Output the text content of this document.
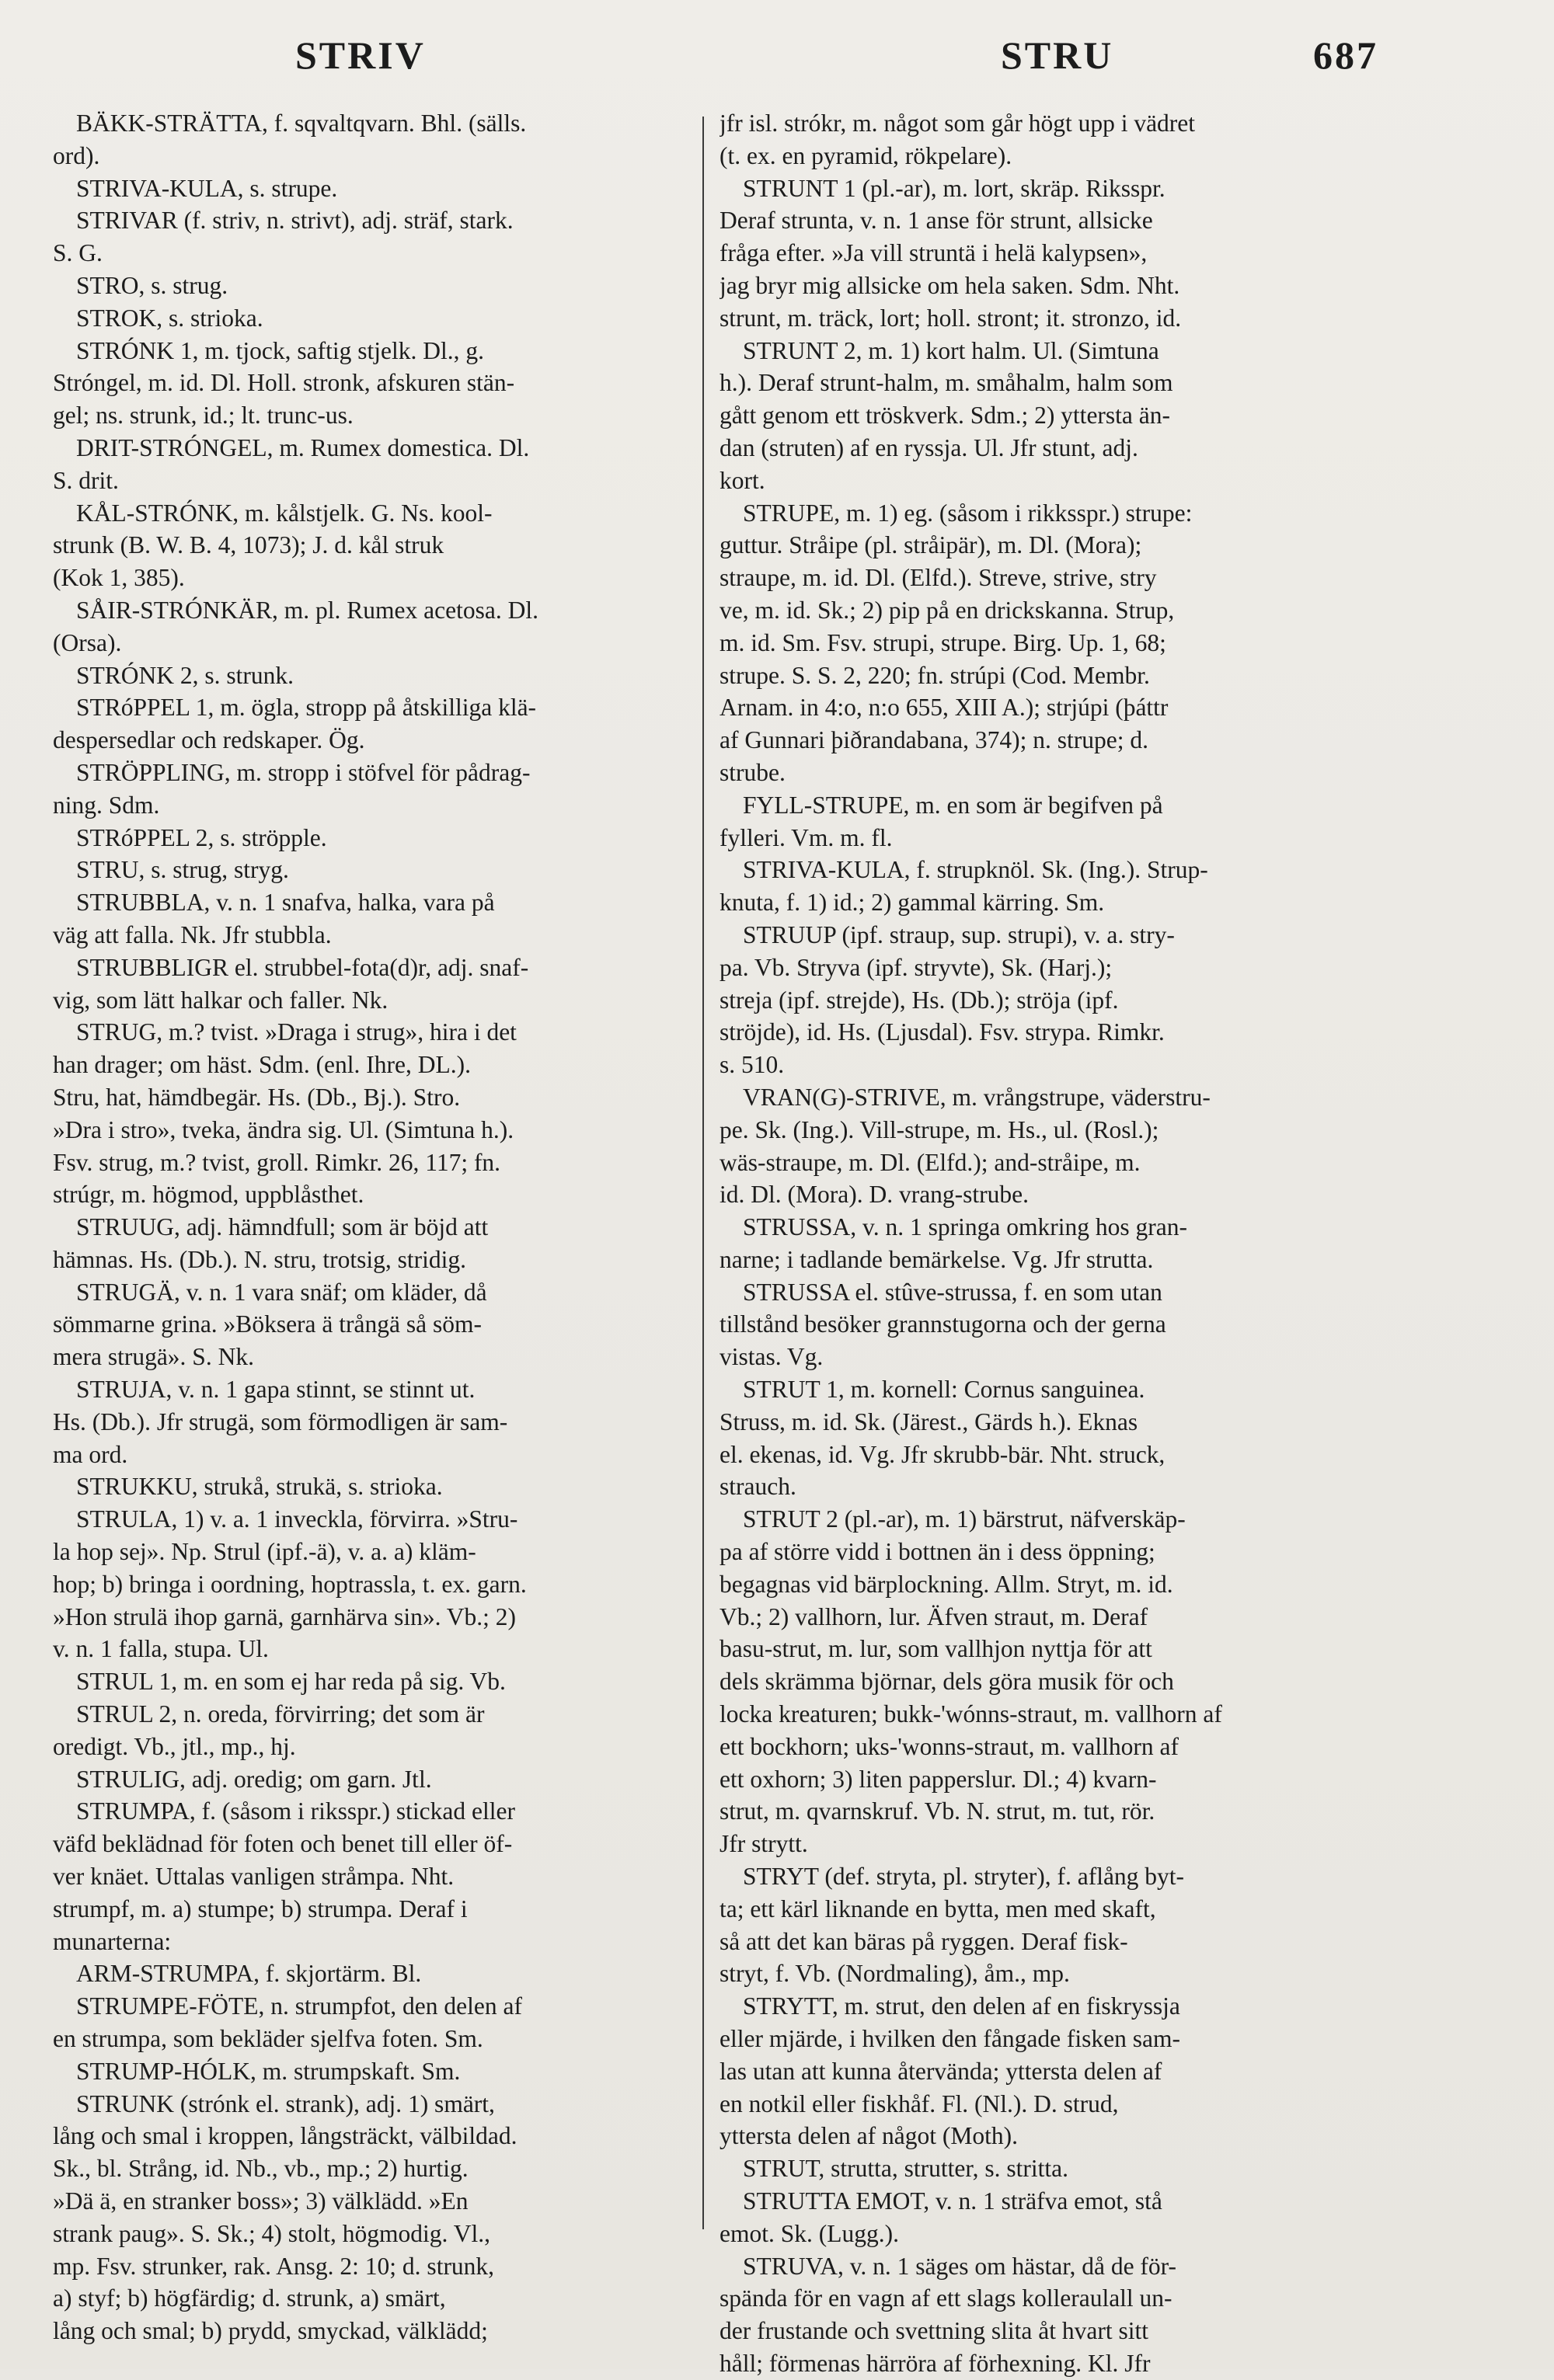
STRIV	STRU	687
BÄKK-STRÄTTA, f. sqvaltqvarn. Bhl. (sälls.
ord).
STRIVA-KULA, s. strupe.
STRIVAR (f. striv, n. strivt), adj. sträf, stark.
S. G.
STRO, s. strug.
STROK, s. strioka.
STRÓNK 1, m. tjock, saftig stjelk. Dl., g.
Stróngel, m. id. Dl. Holl. stronk, afskuren stän-
gel; ns. strunk, id.; lt. trunc-us.
DRIT-STRÓNGEL, m. Rumex domestica. Dl.
S. drit.
KÅL-STRÓNK, m. kålstjelk. G. Ns. kool-
strunk (B. W. B. 4, 1073); J. d. kål struk
(Kok 1, 385).
SÅIR-STRÓNKÄR, m. pl. Rumex acetosa. Dl.
(Orsa).
STRÓNK 2, s. strunk.
STRóPPEL 1, m. ögla, stropp på åtskilliga klä-
despersedlar och redskaper. Ög.
STRÖPPLING, m. stropp i stöfvel för pådrag-
ning. Sdm.
STRóPPEL 2, s. ströpple.
STRU, s. strug, stryg.
STRUBBLA, v. n. 1 snafva, halka, vara på
väg att falla. Nk. Jfr stubbla.
STRUBBLIGR el. strubbel-fota(d)r, adj. snaf-
vig, som lätt halkar och faller. Nk.
STRUG, m.? tvist. »Draga i strug», hira i det
han drager; om häst. Sdm. (enl. Ihre, DL.).
Stru, hat, hämdbegär. Hs. (Db., Bj.). Stro.
»Dra i stro», tveka, ändra sig. Ul. (Simtuna h.).
Fsv. strug, m.? tvist, groll. Rimkr. 26, 117; fn.
strúgr, m. högmod, uppblåsthet.
STRUUG, adj. hämndfull; som är böjd att
hämnas. Hs. (Db.). N. stru, trotsig, stridig.
STRUGÄ, v. n. 1 vara snäf; om kläder, då
sömmarne grina. »Böksera ä trångä så söm-
mera strugä». S. Nk.
STRUJA, v. n. 1 gapa stinnt, se stinnt ut.
Hs. (Db.). Jfr strugä, som förmodligen är sam-
ma ord.
STRUKKU, strukå, strukä, s. strioka.
STRULA, 1) v. a. 1 inveckla, förvirra. »Stru-
la hop sej». Np. Strul (ipf.-ä), v. a. a) kläm-
hop; b) bringa i oordning, hoptrassla, t. ex. garn.
»Hon strulä ihop garnä, garnhärva sin». Vb.; 2)
v. n. 1 falla, stupa. Ul.
STRUL 1, m. en som ej har reda på sig. Vb.
STRUL 2, n. oreda, förvirring; det som är
oredigt. Vb., jtl., mp., hj.
STRULIG, adj. oredig; om garn. Jtl.
STRUMPA, f. (såsom i riksspr.) stickad eller
väfd beklädnad för foten och benet till eller öf-
ver knäet. Uttalas vanligen stråmpa. Nht.
strumpf, m. a) stumpe; b) strumpa. Deraf i
munarterna:
ARM-STRUMPA, f. skjortärm. Bl.
STRUMPE-FÖTE, n. strumpfot, den delen af
en strumpa, som bekläder sjelfva foten. Sm.
STRUMP-HÓLK, m. strumpskaft. Sm.
STRUNK (strónk el. strank), adj. 1) smärt,
lång och smal i kroppen, långsträckt, välbildad.
Sk., bl. Strång, id. Nb., vb., mp.; 2) hurtig.
»Dä ä, en stranker boss»; 3) välklädd. »En
strank paug». S. Sk.; 4) stolt, högmodig. Vl.,
mp. Fsv. strunker, rak. Ansg. 2: 10; d. strunk,
a) styf; b) högfärdig; d. strunk, a) smärt,
lång och smal; b) prydd, smyckad, välklädd;
jfr isl. strókr, m. något som går högt upp i vädret
(t. ex. en pyramid, rökpelare).
STRUNT 1 (pl.-ar), m. lort, skräp. Riksspr.
Deraf strunta, v. n. 1 anse för strunt, allsicke
fråga efter. »Ja vill struntä i helä kalypsen»,
jag bryr mig allsicke om hela saken. Sdm. Nht.
strunt, m. träck, lort; holl. stront; it. stronzo, id.
STRUNT 2, m. 1) kort halm. Ul. (Simtuna
h.). Deraf strunt-halm, m. småhalm, halm som
gått genom ett tröskverk. Sdm.; 2) yttersta än-
dan (struten) af en ryssja. Ul. Jfr stunt, adj.
kort.
STRUPE, m. 1) eg. (såsom i rikksspr.) strupe:
guttur. Stråipe (pl. stråipär), m. Dl. (Mora);
straupe, m. id. Dl. (Elfd.). Streve, strive, stry
ve, m. id. Sk.; 2) pip på en drickskanna. Strup,
m. id. Sm. Fsv. strupi, strupe. Birg. Up. 1, 68;
strupe. S. S. 2, 220; fn. strúpi (Cod. Membr.
Arnam. in 4:o, n:o 655, XIII A.); strjúpi (þáttr
af Gunnari þiðrandabana, 374); n. strupe; d.
strube.
FYLL-STRUPE, m. en som är begifven på
fylleri. Vm. m. fl.
STRIVA-KULA, f. strupknöl. Sk. (Ing.). Strup-
knuta, f. 1) id.; 2) gammal kärring. Sm.
STRUUP (ipf. straup, sup. strupi), v. a. stry-
pa. Vb. Stryva (ipf. stryvte), Sk. (Harj.);
streja (ipf. strejde), Hs. (Db.); ströja (ipf.
ströjde), id. Hs. (Ljusdal). Fsv. strypa. Rimkr.
s. 510.
VRAN(G)-STRIVE, m. vrångstrupe, väderstru-
pe. Sk. (Ing.). Vill-strupe, m. Hs., ul. (Rosl.);
wäs-straupe, m. Dl. (Elfd.); and-stråipe, m.
id. Dl. (Mora). D. vrang-strube.
STRUSSA, v. n. 1 springa omkring hos gran-
narne; i tadlande bemärkelse. Vg. Jfr strutta.
STRUSSA el. stûve-strussa, f. en som utan
tillstånd besöker grannstugorna och der gerna
vistas. Vg.
STRUT 1, m. kornell: Cornus sanguinea.
Struss, m. id. Sk. (Järest., Gärds h.). Eknas
el. ekenas, id. Vg. Jfr skrubb-bär. Nht. struck,
strauch.
STRUT 2 (pl.-ar), m. 1) bärstrut, näfverskäp-
pa af större vidd i bottnen än i dess öppning;
begagnas vid bärplockning. Allm. Stryt, m. id.
Vb.; 2) vallhorn, lur. Äfven straut, m. Deraf
basu-strut, m. lur, som vallhjon nyttja för att
dels skrämma björnar, dels göra musik för och
locka kreaturen; bukk-'wónns-straut, m. vallhorn af
ett bockhorn; uks-'wonns-straut, m. vallhorn af
ett oxhorn; 3) liten papperslur. Dl.; 4) kvarn-
strut, m. qvarnskruf. Vb. N. strut, m. tut, rör.
Jfr strytt.
STRYT (def. stryta, pl. stryter), f. aflång byt-
ta; ett kärl liknande en bytta, men med skaft,
så att det kan bäras på ryggen. Deraf fisk-
stryt, f. Vb. (Nordmaling), åm., mp.
STRYTT, m. strut, den delen af en fiskryssja
eller mjärde, i hvilken den fångade fisken sam-
las utan att kunna återvända; yttersta delen af
en notkil eller fiskhåf. Fl. (Nl.). D. strud,
yttersta delen af något (Moth).
STRUT, strutta, strutter, s. stritta.
STRUTTA EMOT, v. n. 1 sträfva emot, stå
emot. Sk. (Lugg.).
STRUVA, v. n. 1 säges om hästar, då de för-
spända för en vagn af ett slags kolleraulall un-
der frustande och svettning slita åt hvart sitt
håll; förmenas härröra af förhexning. Kl. Jfr
